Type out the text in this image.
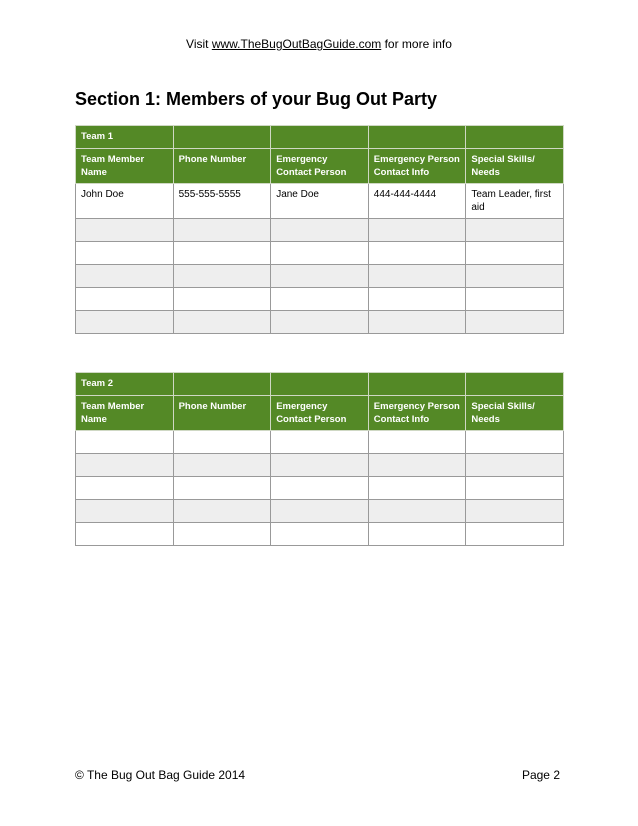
Visit www.TheBugOutBagGuide.com for more info
Section 1: Members of your Bug Out Party
Team 1				
Team Member Name	Phone Number	Emergency Contact Person	Emergency Person Contact Info	Special Skills/ Needs
John Doe	555-555-5555	Jane Doe	444-444-4444	Team Leader, first aid

Team 2				
Team Member Name	Phone Number	Emergency Contact Person	Emergency Person Contact Info	Special Skills/ Needs

© The Bug Out Bag Guide 2014	Page 2
